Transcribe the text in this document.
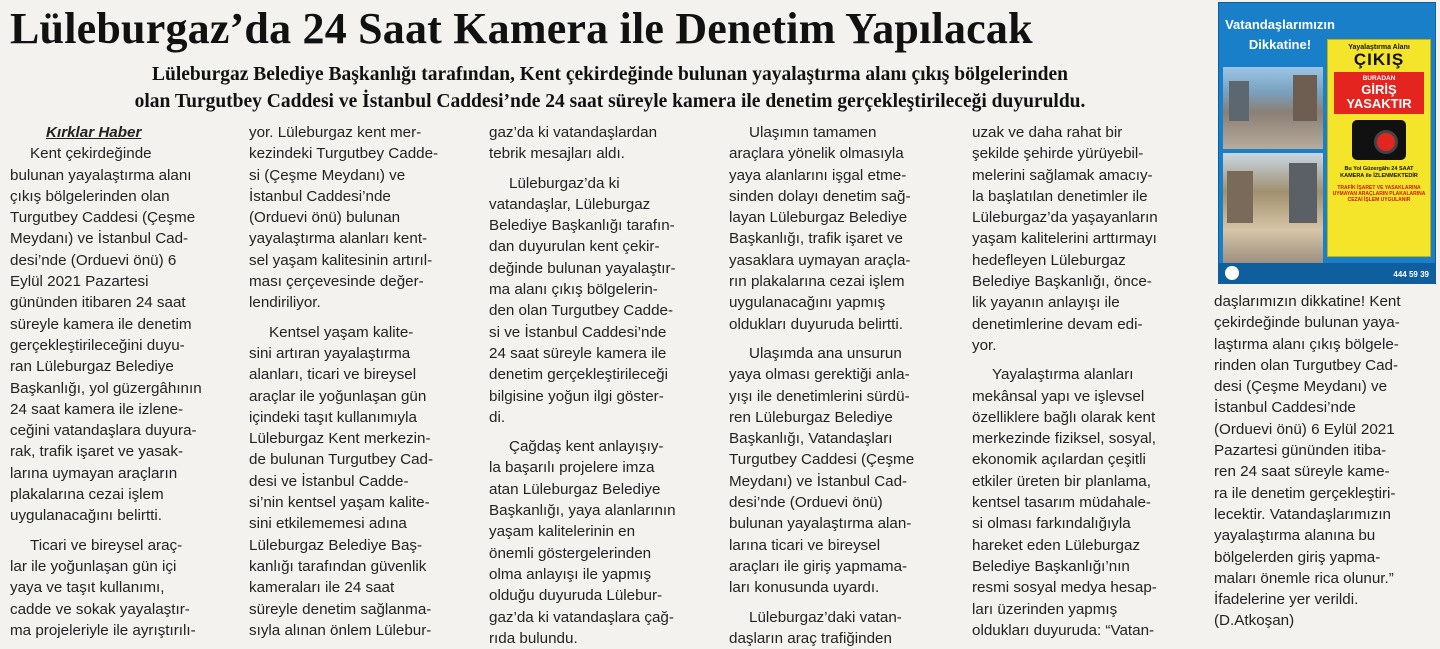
Lüleburgaz’da 24 Saat Kamera ile Denetim Yapılacak
Lüleburgaz Belediye Başkanlığı tarafından, Kent çekirdeğinde bulunan yayalaştırma alanı çıkış bölgelerinden
olan Turgutbey Caddesi ve İstanbul Caddesi’nde 24 saat süreyle kamera ile denetim gerçekleştirileceği duyuruldu.
Kırklar Haber
Kent çekirdeğinde
bulunan yayalaştırma alanı
çıkış bölgelerinden olan
Turgutbey Caddesi (Çeşme
Meydanı) ve İstanbul Cad-
desi’nde (Orduevi önü) 6
Eylül 2021 Pazartesi
gününden itibaren 24 saat
süreyle kamera ile denetim
gerçekleştirileceğini duyu-
ran Lüleburgaz Belediye
Başkanlığı, yol güzergâhının
24 saat kamera ile izlene-
ceğini vatandaşlara duyura-
rak, trafik işaret ve yasak-
larına uymayan araçların
plakalarına cezai işlem
uygulanacağını belirtti.
Ticari ve bireysel araç-
lar ile yoğunlaşan gün içi
yaya ve taşıt kullanımı,
cadde ve sokak yayalaştır-
ma projeleriyle ile ayrıştırılı-
yor. Lüleburgaz kent mer-
kezindeki Turgutbey Cadde-
si (Çeşme Meydanı) ve
İstanbul Caddesi’nde
(Orduevi önü) bulunan
yayalaştırma alanları kent-
sel yaşam kalitesinin artırıl-
ması çerçevesinde değer-
lendiriliyor.
Kentsel yaşam kalite-
sini artıran yayalaştırma
alanları, ticari ve bireysel
araçlar ile yoğunlaşan gün
içindeki taşıt kullanımıyla
Lüleburgaz Kent merkezin-
de bulunan Turgutbey Cad-
desi ve İstanbul Cadde-
si’nin kentsel yaşam kalite-
sini etkilememesi adına
Lüleburgaz Belediye Baş-
kanlığı tarafından güvenlik
kameraları ile 24 saat
süreyle denetim sağlanma-
sıyla alınan önlem Lülebur-
gaz’da ki vatandaşlardan
tebrik mesajları aldı.
Lüleburgaz’da ki
vatandaşlar, Lüleburgaz
Belediye Başkanlığı tarafın-
dan duyurulan kent çekir-
değinde bulunan yayalaştır-
ma alanı çıkış bölgelerin-
den olan Turgutbey Cadde-
si ve İstanbul Caddesi’nde
24 saat süreyle kamera ile
denetim gerçekleştirileceği
bilgisine yoğun ilgi göster-
di.
Çağdaş kent anlayışıy-
la başarılı projelere imza
atan Lüleburgaz Belediye
Başkanlığı, yaya alanlarının
yaşam kalitelerinin en
önemli göstergelerinden
olma anlayışı ile yapmış
olduğu duyuruda Lülebur-
gaz’da ki vatandaşlara çağ-
rıda bulundu.
Ulaşımın tamamen
araçlara yönelik olmasıyla
yaya alanlarını işgal etme-
sinden dolayı denetim sağ-
layan Lüleburgaz Belediye
Başkanlığı, trafik işaret ve
yasaklara uymayan araçla-
rın plakalarına cezai işlem
uygulanacağını yapmış
oldukları duyuruda belirtti.
Ulaşımda ana unsurun
yaya olması gerektiği anla-
yışı ile denetimlerini sürdü-
ren Lüleburgaz Belediye
Başkanlığı, Vatandaşları
Turgutbey Caddesi (Çeşme
Meydanı) ve İstanbul Cad-
desi’nde (Orduevi önü)
bulunan yayalaştırma alan-
larına ticari ve bireysel
araçları ile giriş yapmama-
ları konusunda uyardı.
Lüleburgaz’daki vatan-
daşların araç trafiğinden
uzak ve daha rahat bir
şekilde şehirde yürüyebil-
melerini sağlamak amacıy-
la başlatılan denetimler ile
Lüleburgaz’da yaşayanların
yaşam kalitelerini arttırmayı
hedefleyen Lüleburgaz
Belediye Başkanlığı, önce-
lik yayanın anlayışı ile
denetimlerine devam edi-
yor.
Yayalaştırma alanları
mekânsal yapı ve işlevsel
özelliklere bağlı olarak kent
merkezinde fiziksel, sosyal,
ekonomik açılardan çeşitli
etkiler üreten bir planlama,
kentsel tasarım müdahale-
si olması farkındalığıyla
hareket eden Lüleburgaz
Belediye Başkanlığı’nın
resmi sosyal medya hesap-
ları üzerinden yapmış
oldukları duyuruda: “Vatan-
daşlarımızın dikkatine! Kent
çekirdeğinde bulunan yaya-
laştırma alanı çıkış bölgele-
rinden olan Turgutbey Cad-
desi (Çeşme Meydanı) ve
İstanbul Caddesi’nde
(Orduevi önü) 6 Eylül 2021
Pazartesi gününden itiba-
ren 24 saat süreyle kame-
ra ile denetim gerçekleştiri-
lecektir. Vatandaşlarımızın
yayalaştırma alanına bu
bölgelerden giriş yapma-
maları önemle rica olunur.”
İfadelerine yer verildi.
(D.Atkoşan)
Vatandaşlarımızın
Dikkatine!	Yayalaştırma Alanı
ÇIKIŞ
BURADAN
GİRİŞ
YASAKTIR
Bu Yol Güzergâhı 24 SAAT KAMERA ile İZLENMEKTEDİR
TRAFİK İŞARET VE YASAKLARINA UYMAYAN ARAÇLARIN PLAKALARINA CEZAİ İŞLEM UYGULANIR
444 59 39
